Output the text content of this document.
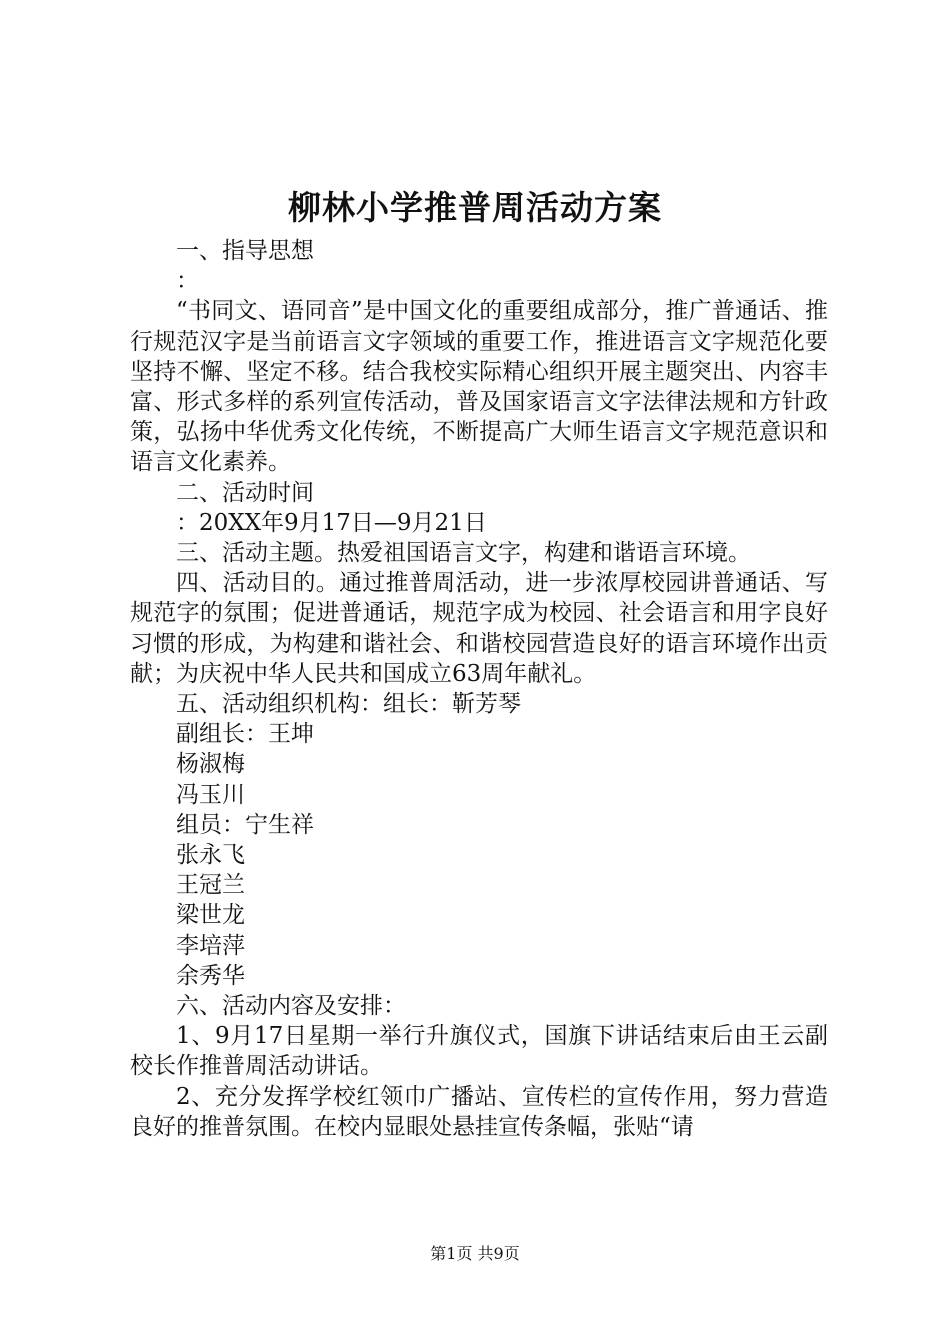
柳林小学推普周活动方案

一、指导思想

：

“书同文、语同音”是中国文化的重要组成部分，推广普通话、推行规范汉字是当前语言文字领域的重要工作，推进语言文字规范化要坚持不懈、坚定不移。结合我校实际精心组织开展主题突出、内容丰富、形式多样的系列宣传活动，普及国家语言文字法律法规和方针政策，弘扬中华优秀文化传统，不断提高广大师生语言文字规范意识和语言文化素养。

二、活动时间

：20XX年9月17日—9月21日

三、活动主题。热爱祖国语言文字，构建和谐语言环境。

四、活动目的。通过推普周活动，进一步浓厚校园讲普通话、写规范字的氛围；促进普通话，规范字成为校园、社会语言和用字良好习惯的形成，为构建和谐社会、和谐校园营造良好的语言环境作出贡献；为庆祝中华人民共和国成立63周年献礼。

五、活动组织机构：组长：靳芳琴

副组长：王坤

杨淑梅

冯玉川

组员：宁生祥

张永飞

王冠兰

梁世龙

李培萍

余秀华

六、活动内容及安排：

1、9月17日星期一举行升旗仪式，国旗下讲话结束后由王云副校长作推普周活动讲话。

2、充分发挥学校红领巾广播站、宣传栏的宣传作用，努力营造良好的推普氛围。在校内显眼处悬挂宣传条幅，张贴“请

第1页 共9页
